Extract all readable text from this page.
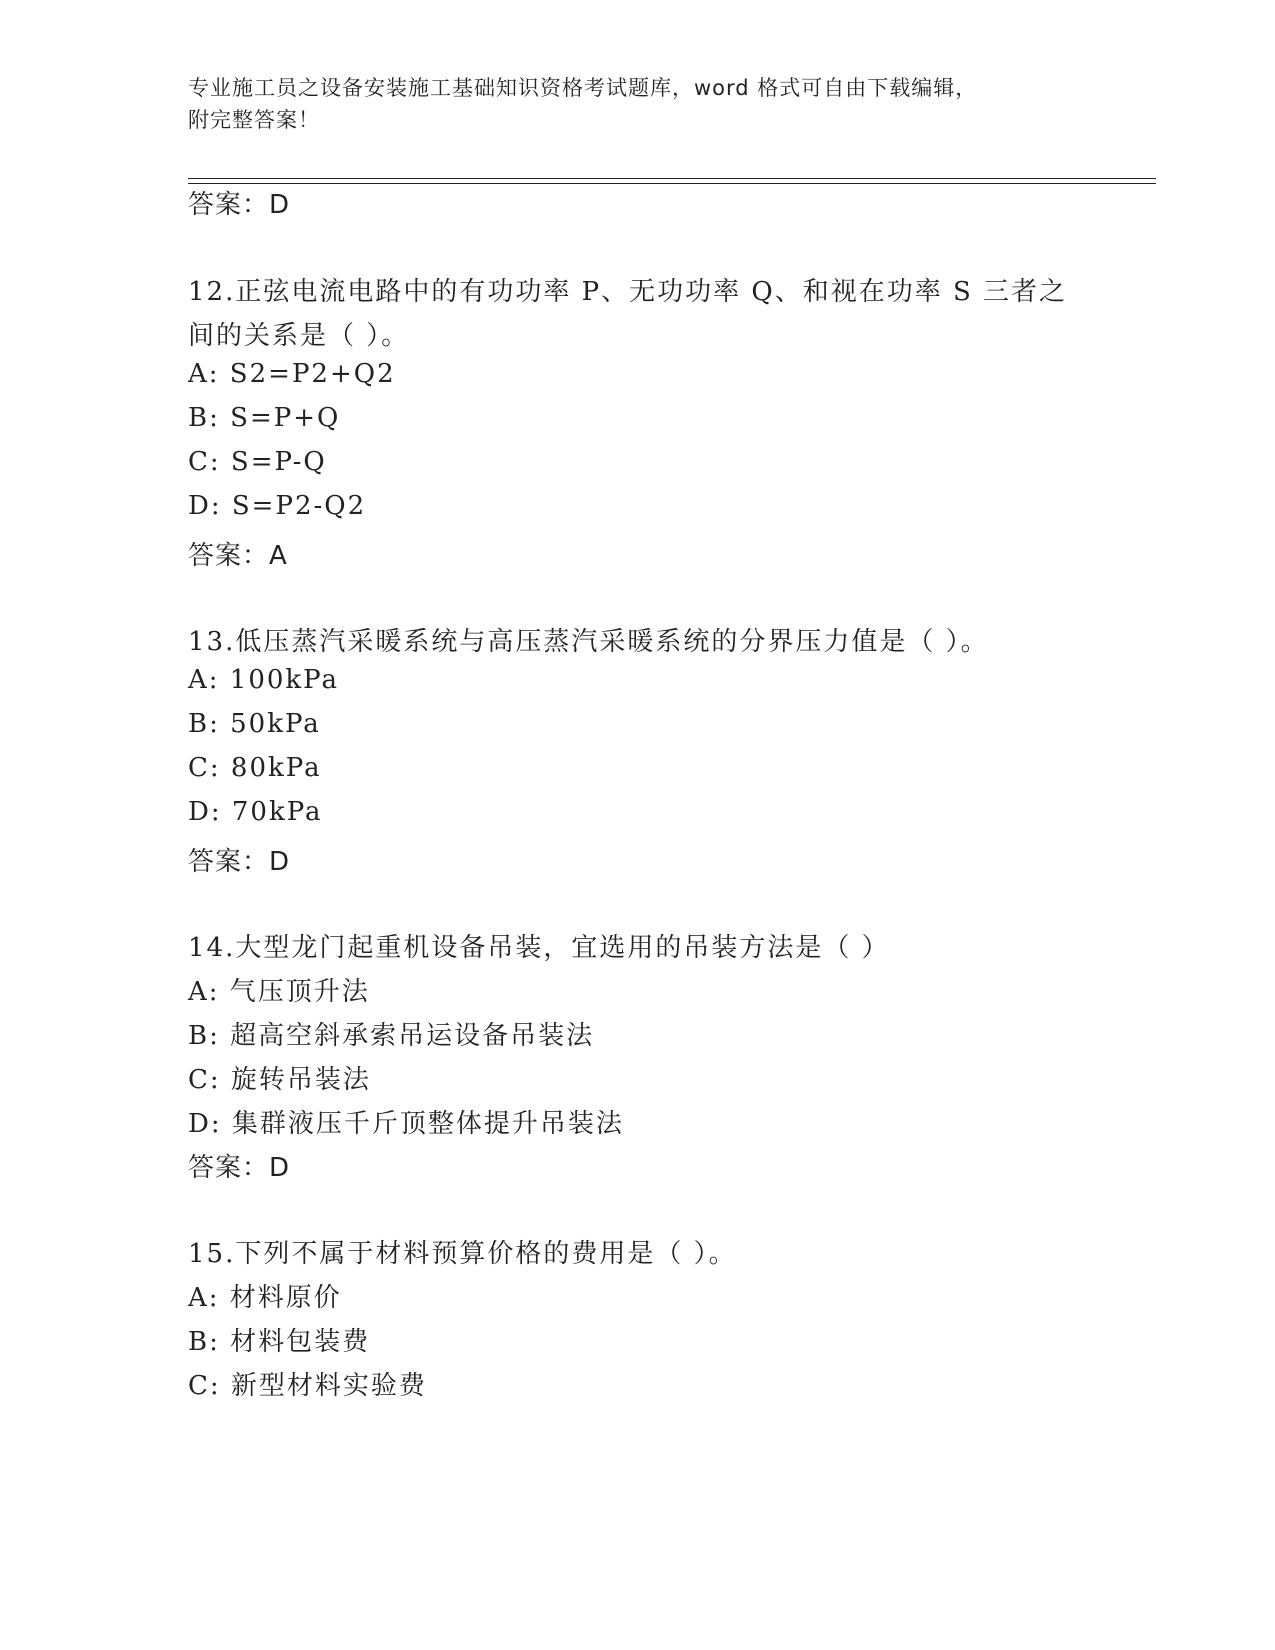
专业施工员之设备安装施工基础知识资格考试题库，word 格式可自由下载编辑，
附完整答案！
答案：D
12.正弦电流电路中的有功功率 P、无功功率 Q、和视在功率 S 三者之
间的关系是（ ）。
A: S2=P2+Q2
B: S=P+Q
C: S=P-Q
D: S=P2-Q2
答案：A
13.低压蒸汽采暖系统与高压蒸汽采暖系统的分界压力值是（ ）。
A: 100kPa
B: 50kPa
C: 80kPa
D: 70kPa
答案：D
14.大型龙门起重机设备吊装，宜选用的吊装方法是（ ）
A: 气压顶升法
B: 超高空斜承索吊运设备吊装法
C: 旋转吊装法
D: 集群液压千斤顶整体提升吊装法
答案：D
15.下列不属于材料预算价格的费用是（ ）。
A: 材料原价
B: 材料包装费
C: 新型材料实验费
